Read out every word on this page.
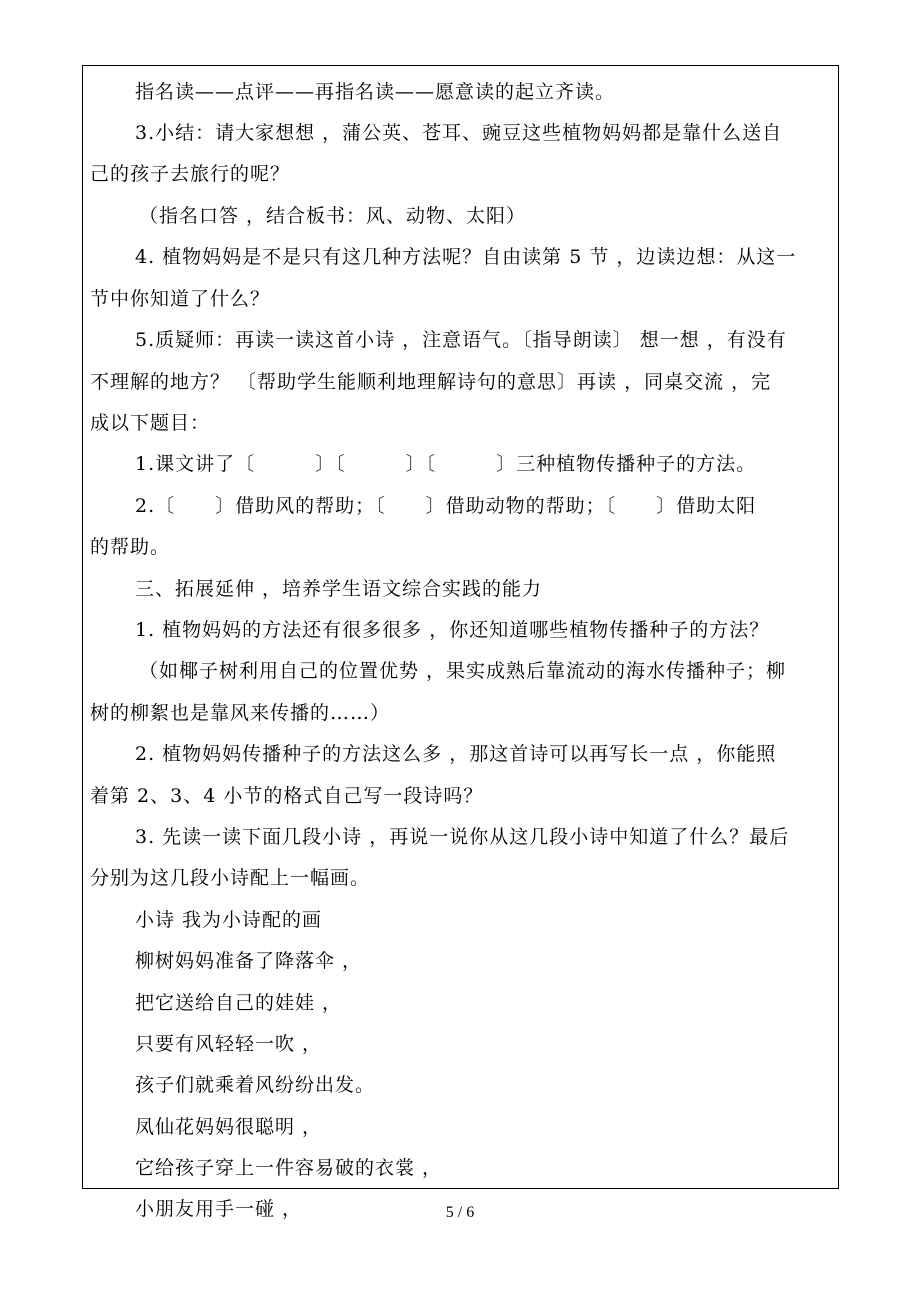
指名读——点评——再指名读——愿意读的起立齐读。
3.小结：请大家想想 ，蒲公英、苍耳、豌豆这些植物妈妈都是靠什么送自
己的孩子去旅行的呢？
（指名口答 ，结合板书：风、动物、太阳）
4. 植物妈妈是不是只有这几种方法呢？自由读第 5 节 ，边读边想：从这一
节中你知道了什么？
5.质疑师：再读一读这首小诗 ，注意语气。〔指导朗读〕 想一想 ，有没有
不理解的地方？ 〔帮助学生能顺利地理解诗句的意思〕再读 ，同桌交流 ，完
成以下题目：
1.课文讲了〔　　　〕〔　　　〕〔　　　〕三种植物传播种子的方法。
2.〔　　〕借助风的帮助；〔　　〕借助动物的帮助；〔　　〕借助太阳
的帮助。
三、拓展延伸 ，培养学生语文综合实践的能力
1. 植物妈妈的方法还有很多很多 ，你还知道哪些植物传播种子的方法？
（如椰子树利用自己的位置优势 ，果实成熟后靠流动的海水传播种子；柳
树的柳絮也是靠风来传播的……）
2. 植物妈妈传播种子的方法这么多 ，那这首诗可以再写长一点 ，你能照
着第 2、3、4 小节的格式自己写一段诗吗？
3. 先读一读下面几段小诗 ，再说一说你从这几段小诗中知道了什么？最后
分别为这几段小诗配上一幅画。
小诗 我为小诗配的画
柳树妈妈准备了降落伞 ，
把它送给自己的娃娃 ，
只要有风轻轻一吹 ，
孩子们就乘着风纷纷出发。
凤仙花妈妈很聪明 ，
它给孩子穿上一件容易破的衣裳 ，
小朋友用手一碰 ，	5 / 6
